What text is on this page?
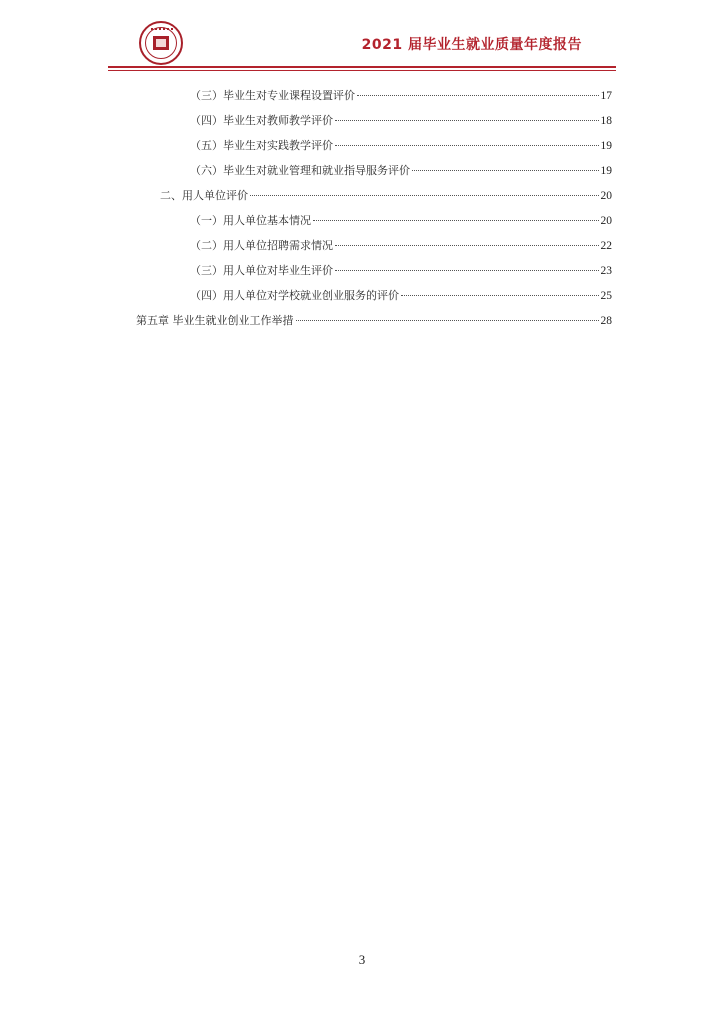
2021 届毕业生就业质量年度报告
（三）毕业生对专业课程设置评价	17
（四）毕业生对教师教学评价	18
（五）毕业生对实践教学评价	19
（六）毕业生对就业管理和就业指导服务评价	19
二、用人单位评价	20
（一）用人单位基本情况	20
（二）用人单位招聘需求情况	22
（三）用人单位对毕业生评价	23
（四）用人单位对学校就业创业服务的评价	25
第五章 毕业生就业创业工作举措	28
3
